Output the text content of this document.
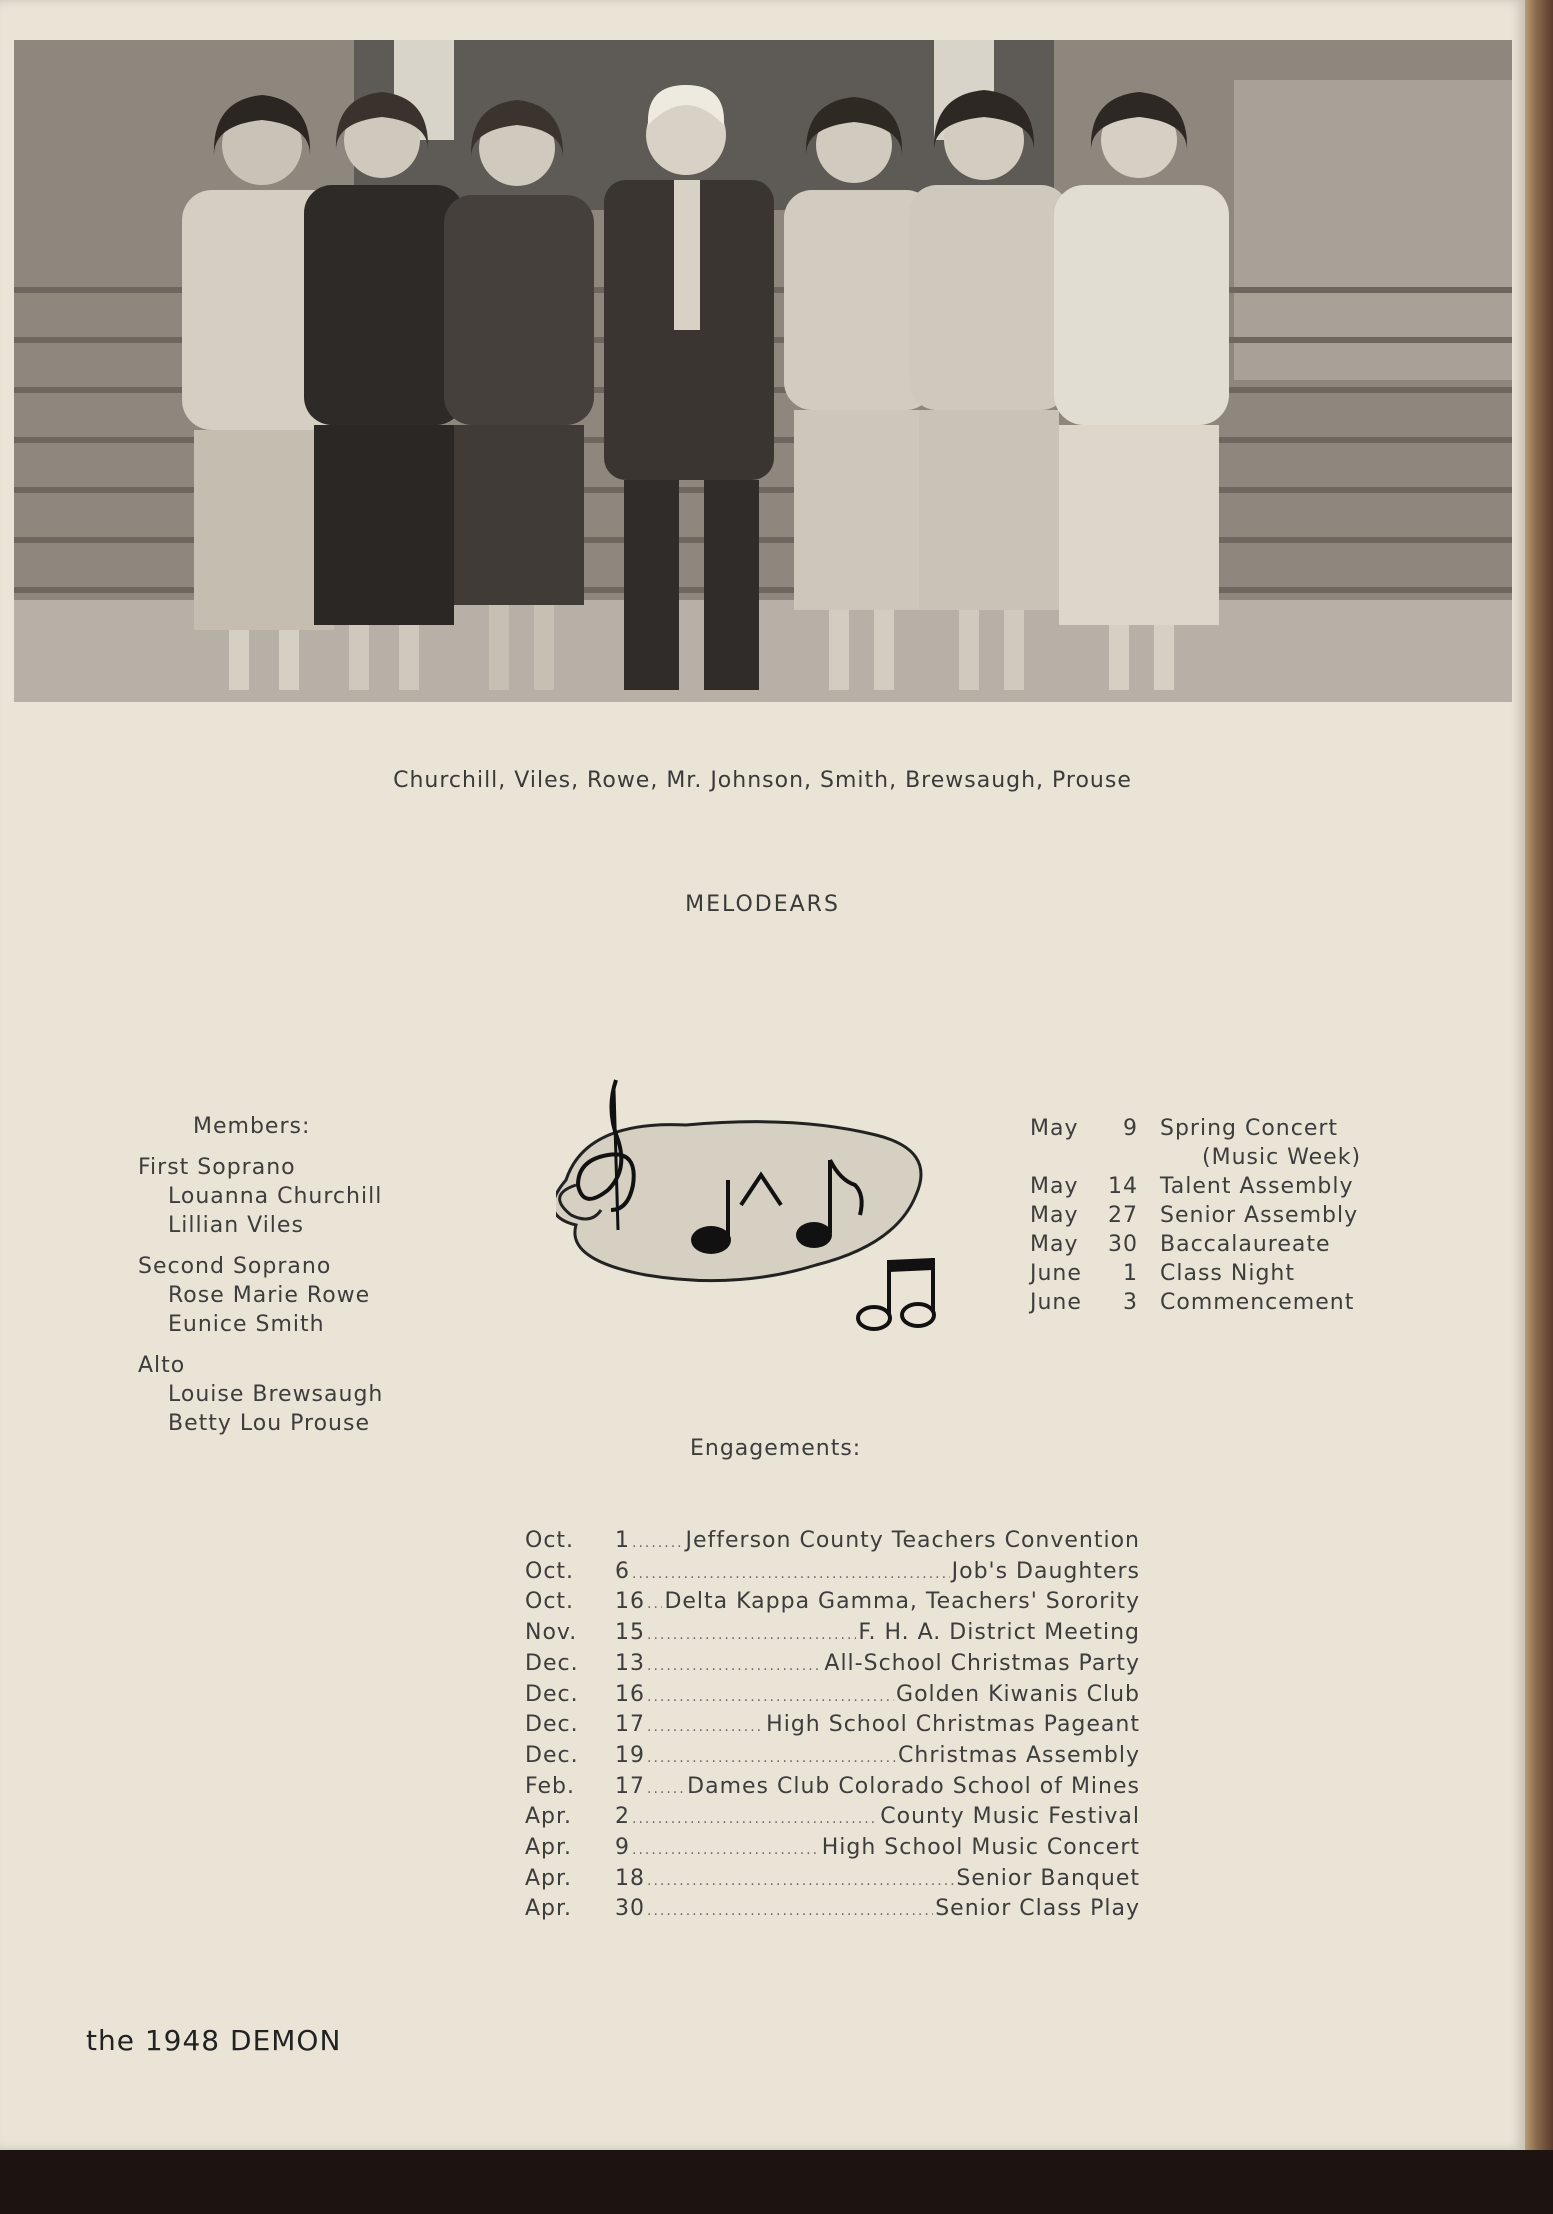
Churchill, Viles, Rowe, Mr. Johnson, Smith, Brewsaugh, Prouse
MELODEARS
Members:
First Soprano
Louanna Churchill
Lillian Viles
Second Soprano
Rose Marie Rowe
Eunice Smith
Alto
Louise Brewsaugh
Betty Lou Prouse
May	9	Spring Concert
(Music Week)
May	14	Talent Assembly
May	27	Senior Assembly
May	30	Baccalaureate
June	1	Class Night
June	3	Commencement
Engagements:
Oct.	1 .....	Jefferson County Teachers Convention
Oct.	6 .....	Job's Daughters
Oct.	16 ..... Delta Kappa Gamma, Teachers' Sorority
Nov.	15 .....	F. H. A. District Meeting
Dec.	13 .....	All-School Christmas Party
Dec.	16 .....	Golden Kiwanis Club
Dec.	17 .....	High School Christmas Pageant
Dec.	19 .....	Christmas Assembly
Feb.	17 ..... Dames Club Colorado School of Mines
Apr.	2 .....	County Music Festival
Apr.	9 .....	High School Music Concert
Apr.	18 .....	Senior Banquet
Apr.	30 .....	Senior Class Play
the 1948 DEMON
